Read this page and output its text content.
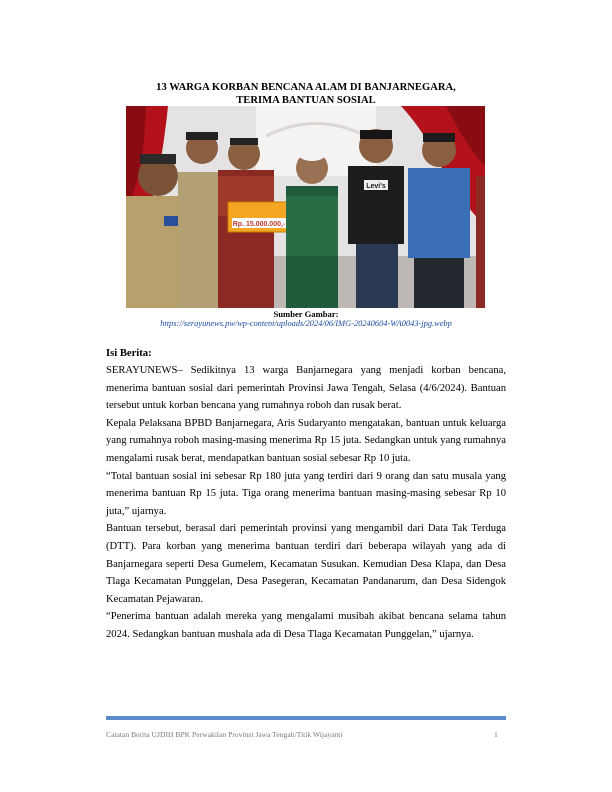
13 WARGA KORBAN BENCANA ALAM DI BANJARNEGARA,
TERIMA BANTUAN SOSIAL
Rp. 15.000.000,-
Levi's
Sumber Gambar:
https://serayunews.pw/wp-content/uploads/2024/06/IMG-20240604-WA0043-jpg.webp
Isi Berita:

SERAYUNEWS– Sedikitnya 13 warga Banjarnegara yang menjadi korban bencana, menerima bantuan sosial dari pemerintah Provinsi Jawa Tengah, Selasa (4/6/2024). Bantuan tersebut untuk korban bencana yang rumahnya roboh dan rusak berat.

Kepala Pelaksana BPBD Banjarnegara, Aris Sudaryanto mengatakan, bantuan untuk keluarga yang rumahnya roboh masing-masing menerima Rp 15 juta. Sedangkan untuk yang rumahnya mengalami rusak berat, mendapatkan bantuan sosial sebesar Rp 10 juta.

“Total bantuan sosial ini sebesar Rp 180 juta yang terdiri dari 9 orang dan satu musala yang menerima bantuan Rp 15 juta. Tiga orang menerima bantuan masing-masing sebesar Rp 10 juta,” ujarnya.

Bantuan tersebut, berasal dari pemerintah provinsi yang mengambil dari Data Tak Terduga (DTT). Para korban yang menerima bantuan terdiri dari beberapa wilayah yang ada di Banjarnegara seperti Desa Gumelem, Kecamatan Susukan. Kemudian Desa Klapa, dan Desa Tlaga Kecamatan Punggelan, Desa Pasegeran, Kecamatan Pandanarum, dan Desa Sidengok Kecamatan Pejawaran.

“Penerima bantuan adalah mereka yang mengalami musibah akibat bencana selama tahun 2024. Sedangkan bantuan mushala ada di Desa Tlaga Kecamatan Punggelan,” ujarnya.

Catatan Berita UJDIH BPK Perwakilan Provinsi Jawa Tengah/Titik Wijayanti	1
